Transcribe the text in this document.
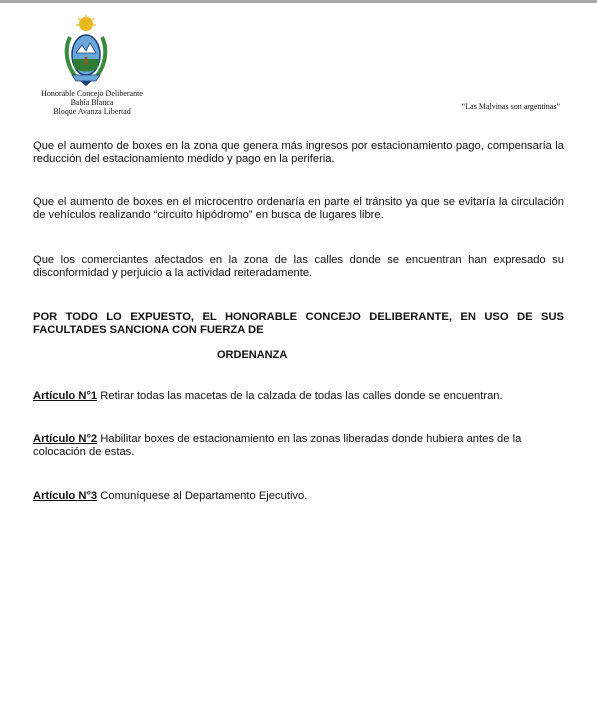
Honorable Concejo Deliberante
Bahía Blanca
Bloque Avanza Libertad
“Las Malvinas son argentinas”

Que el aumento de boxes en la zona que genera más ingresos por estacionamiento pago, compensaría la reducción del estacionamiento medido y pago en la periferia.

Que el aumento de boxes en el microcentro ordenaría en parte el tránsito ya que se evitaría la circulación de vehículos realizando “circuito hipódromo” en busca de lugares libre.

Que los comerciantes afectados en la zona de las calles donde se encuentran han expresado su disconformidad y perjuicio a la actividad reiteradamente.

POR TODO LO EXPUESTO, EL HONORABLE CONCEJO DELIBERANTE, EN USO DE SUS FACULTADES SANCIONA CON FUERZA DE
ORDENANZA
Artículo N°1 Retirar todas las macetas de la calzada de todas las calles donde se encuentran.
Artículo N°2 Habilitar boxes de estacionamiento en las zonas liberadas donde hubiera antes de la colocación de estas.
Artículo N°3 Comuníquese al Departamento Ejecutivo.
